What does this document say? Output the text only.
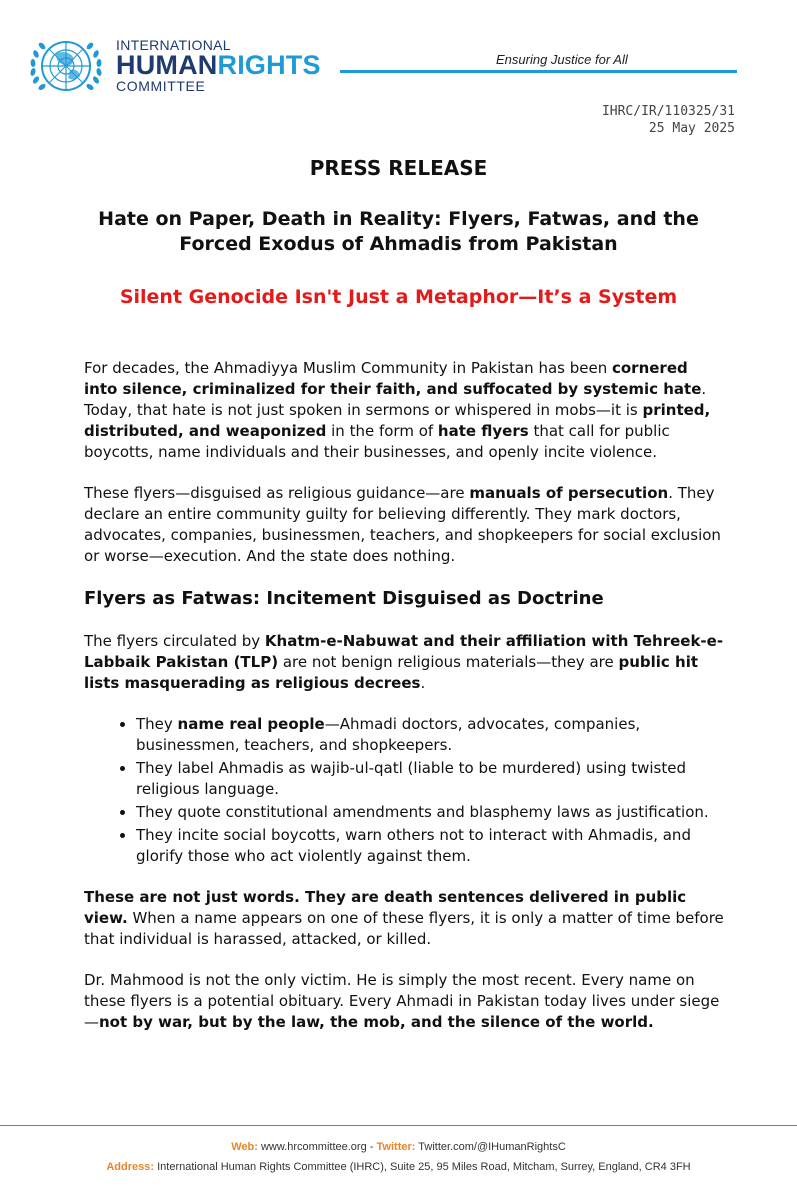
INTERNATIONAL
HUMANRIGHTS
COMMITTEE
Ensuring Justice for All
IHRC/IR/110325/31
25 May 2025
PRESS RELEASE
Hate on Paper, Death in Reality: Flyers, Fatwas, and the Forced Exodus of Ahmadis from Pakistan
Silent Genocide Isn't Just a Metaphor—It’s a System

For decades, the Ahmadiyya Muslim Community in Pakistan has been cornered into silence, criminalized for their faith, and suffocated by systemic hate. Today, that hate is not just spoken in sermons or whispered in mobs—it is printed, distributed, and weaponized in the form of hate flyers that call for public boycotts, name individuals and their businesses, and openly incite violence.

These flyers—disguised as religious guidance—are manuals of persecution. They declare an entire community guilty for believing differently. They mark doctors, advocates, companies, businessmen, teachers, and shopkeepers for social exclusion or worse—execution. And the state does nothing.

Flyers as Fatwas: Incitement Disguised as Doctrine

The flyers circulated by Khatm-e-Nabuwat and their affiliation with Tehreek-e-Labbaik Pakistan (TLP) are not benign religious materials—they are public hit lists masquerading as religious decrees.

• They name real people—Ahmadi doctors, advocates, companies, businessmen, teachers, and shopkeepers.
• They label Ahmadis as wajib-ul-qatl (liable to be murdered) using twisted religious language.
• They quote constitutional amendments and blasphemy laws as justification.
• They incite social boycotts, warn others not to interact with Ahmadis, and glorify those who act violently against them.

These are not just words. They are death sentences delivered in public view. When a name appears on one of these flyers, it is only a matter of time before that individual is harassed, attacked, or killed.

Dr. Mahmood is not the only victim. He is simply the most recent. Every name on these flyers is a potential obituary. Every Ahmadi in Pakistan today lives under siege—not by war, but by the law, the mob, and the silence of the world.

Web: www.hrcommittee.org - Twitter: Twitter.com/@IHumanRightsC
Address: International Human Rights Committee (IHRC), Suite 25, 95 Miles Road, Mitcham, Surrey, England, CR4 3FH
